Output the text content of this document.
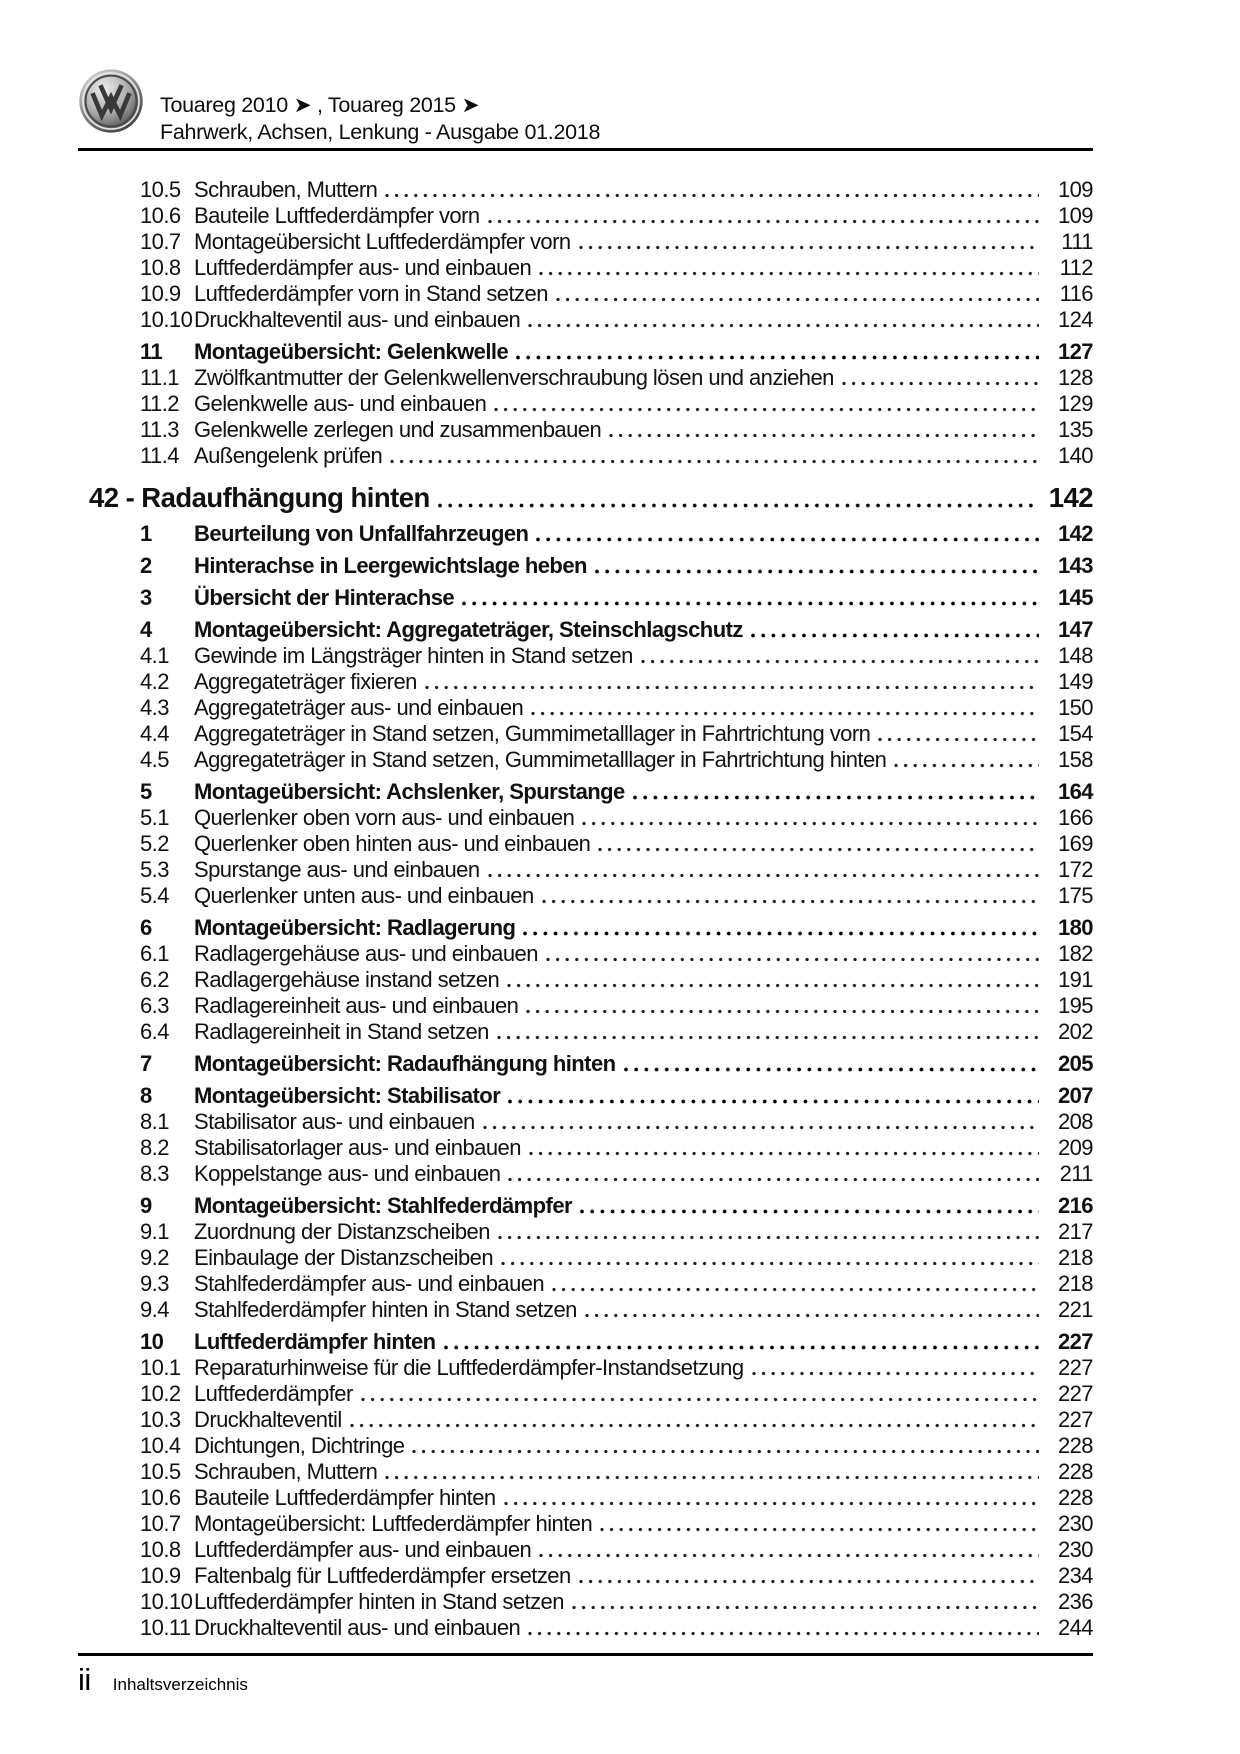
Touareg 2010 ➤ , Touareg 2015 ➤
Fahrwerk, Achsen, Lenkung - Ausgabe 01.2018
10.5 Schrauben, Muttern	109
10.6 Bauteile Luftfederdämpfer vorn	109
10.7 Montageübersicht Luftfederdämpfer vorn	111
10.8 Luftfederdämpfer aus- und einbauen	112
10.9 Luftfederdämpfer vorn in Stand setzen	116
10.10 Druckhalteventil aus- und einbauen	124
11	Montageübersicht: Gelenkwelle	127
11.1 Zwölfkantmutter der Gelenkwellenverschraubung lösen und anziehen	128
11.2 Gelenkwelle aus- und einbauen	129
11.3 Gelenkwelle zerlegen und zusammenbauen	135
11.4 Außengelenk prüfen	140
42 - Radaufhängung hinten	142
1	Beurteilung von Unfallfahrzeugen	142
2	Hinterachse in Leergewichtslage heben	143
3	Übersicht der Hinterachse	145
4	Montageübersicht: Aggregateträger, Steinschlagschutz	147
4.1	Gewinde im Längsträger hinten in Stand setzen	148
4.2	Aggregateträger fixieren	149
4.3	Aggregateträger aus- und einbauen	150
4.4	Aggregateträger in Stand setzen, Gummimetalllager in Fahrtrichtung vorn	154
4.5	Aggregateträger in Stand setzen, Gummimetalllager in Fahrtrichtung hinten	158
5	Montageübersicht: Achslenker, Spurstange	164
5.1	Querlenker oben vorn aus- und einbauen	166
5.2	Querlenker oben hinten aus- und einbauen	169
5.3	Spurstange aus- und einbauen	172
5.4	Querlenker unten aus- und einbauen	175
6	Montageübersicht: Radlagerung	180
6.1	Radlagergehäuse aus- und einbauen	182
6.2	Radlagergehäuse instand setzen	191
6.3	Radlagereinheit aus- und einbauen	195
6.4	Radlagereinheit in Stand setzen	202
7	Montageübersicht: Radaufhängung hinten	205
8	Montageübersicht: Stabilisator	207
8.1	Stabilisator aus- und einbauen	208
8.2	Stabilisatorlager aus- und einbauen	209
8.3	Koppelstange aus- und einbauen	211
9	Montageübersicht: Stahlfederdämpfer	216
9.1	Zuordnung der Distanzscheiben	217
9.2	Einbaulage der Distanzscheiben	218
9.3	Stahlfederdämpfer aus- und einbauen	218
9.4	Stahlfederdämpfer hinten in Stand setzen	221
10	Luftfederdämpfer hinten	227
10.1 Reparaturhinweise für die Luftfederdämpfer-Instandsetzung	227
10.2 Luftfederdämpfer	227
10.3 Druckhalteventil	227
10.4 Dichtungen, Dichtringe	228
10.5 Schrauben, Muttern	228
10.6 Bauteile Luftfederdämpfer hinten	228
10.7 Montageübersicht: Luftfederdämpfer hinten	230
10.8 Luftfederdämpfer aus- und einbauen	230
10.9 Faltenbalg für Luftfederdämpfer ersetzen	234
10.10 Luftfederdämpfer hinten in Stand setzen	236
10.11 Druckhalteventil aus- und einbauen	244
ii Inhaltsverzeichnis
